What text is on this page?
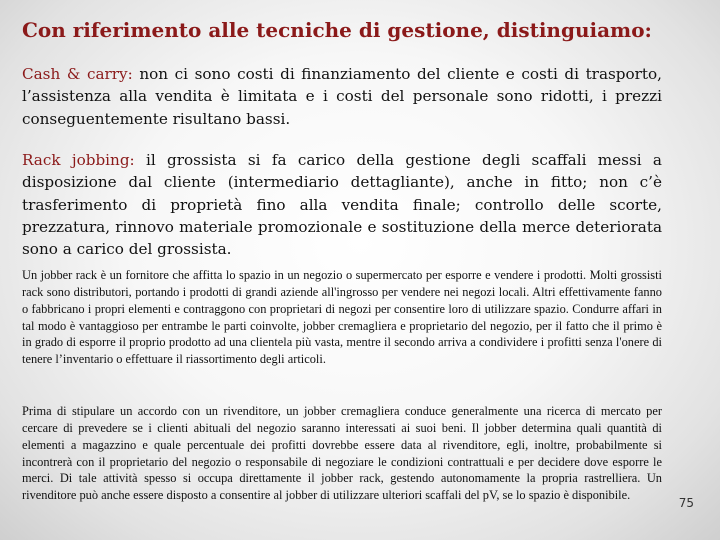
Con riferimento alle tecniche di gestione, distinguiamo:
Cash & carry: non ci sono costi di finanziamento del cliente e costi di trasporto, l’assistenza alla vendita è limitata e i costi del personale sono ridotti, i prezzi conseguentemente risultano bassi.
Rack jobbing: il grossista si fa carico della gestione degli scaffali messi a disposizione dal cliente (intermediario dettagliante), anche in fitto; non c’è trasferimento di proprietà fino alla vendita finale; controllo delle scorte, prezzatura, rinnovo materiale promozionale e sostituzione della merce deteriorata sono a carico del grossista.
Un jobber rack è un fornitore che affitta lo spazio in un negozio o supermercato per esporre e vendere i prodotti. Molti grossisti rack sono distributori, portando i prodotti di grandi aziende all'ingrosso per vendere nei negozi locali. Altri effettivamente fanno o fabbricano i propri elementi e contraggono con proprietari di negozi per consentire loro di utilizzare spazio. Condurre affari in tal modo è vantaggioso per entrambe le parti coinvolte, jobber cremagliera e proprietario del negozio, per il fatto che il primo è in grado di esporre il proprio prodotto ad una clientela più vasta, mentre il secondo arriva a condividere i profitti senza l'onere di tenere l’inventario o effettuare il riassortimento degli articoli.
Prima di stipulare un accordo con un rivenditore, un jobber cremagliera conduce generalmente una ricerca di mercato per cercare di prevedere se i clienti abituali del negozio saranno interessati ai suoi beni. Il jobber determina quali quantità di elementi a magazzino e quale percentuale dei profitti dovrebbe essere data al rivenditore, egli, inoltre, probabilmente si incontrerà con il proprietario del negozio o responsabile di negoziare le condizioni contrattuali e per decidere dove esporre le merci. Di tale attività spesso si occupa direttamente il jobber rack, gestendo autonomamente la propria rastrelliera. Un rivenditore può anche essere disposto a consentire al jobber di utilizzare ulteriori scaffali del pV, se lo spazio è disponibile.
75
